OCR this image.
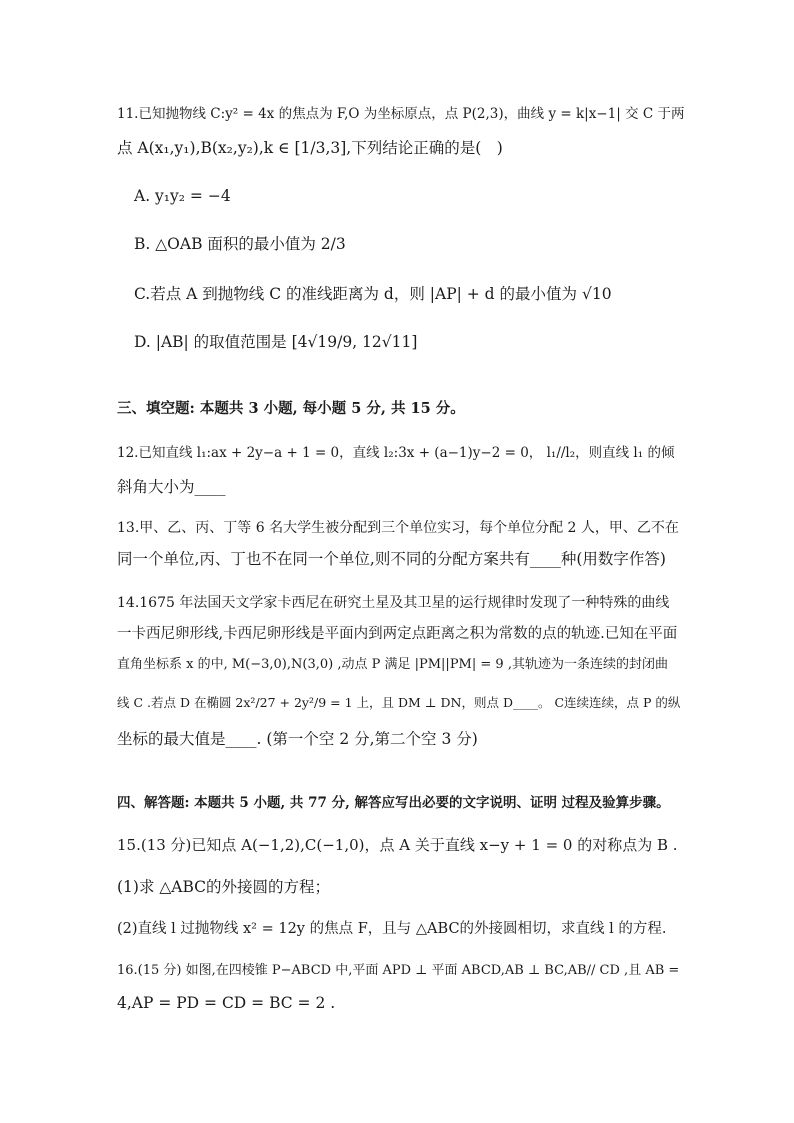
11.已知抛物线 C:y² = 4x 的焦点为 F,O 为坐标原点，点 P(2,3)，曲线 y = k|x−1| 交 C 于两
点 A(x₁,y₁),B(x₂,y₂),k ∈ [1/3,3],下列结论正确的是(　)
A. y₁y₂ = −4
B. △OAB 面积的最小值为 2/3
C.若点 A 到抛物线 C 的准线距离为 d，则 |AP| + d 的最小值为 √10
D. |AB| 的取值范围是 [4√19/9, 12√11]
三、填空题: 本题共 3 小题, 每小题 5 分, 共 15 分。
12.已知直线 l₁:ax + 2y−a + 1 = 0，直线 l₂:3x + (a−1)y−2 = 0， l₁//l₂，则直线 l₁ 的倾
斜角大小为____
13.甲、乙、丙、丁等 6 名大学生被分配到三个单位实习，每个单位分配 2 人，甲、乙不在
同一个单位,丙、丁也不在同一个单位,则不同的分配方案共有____种(用数字作答)
14.1675 年法国天文学家卡西尼在研究土星及其卫星的运行规律时发现了一种特殊的曲线
一卡西尼卵形线,卡西尼卵形线是平面内到两定点距离之积为常数的点的轨迹.已知在平面
直角坐标系 x 的中, M(−3,0),N(3,0) ,动点 P 满足 |PM||PM| = 9 ,其轨迹为一条连续的封闭曲
线 C .若点 D 在椭圆 2x²/27 + 2y²/9 = 1 上，且 DM ⊥ DN，则点 D____。 C连续连续，点 P 的纵
坐标的最大值是____. (第一个空 2 分,第二个空 3 分)
四、解答题: 本题共 5 小题, 共 77 分, 解答应写出必要的文字说明、证明 过程及验算步骤。
15.(13 分)已知点 A(−1,2),C(−1,0)，点 A 关于直线 x−y + 1 = 0 的对称点为 B .
(1)求 △ABC的外接圆的方程；
(2)直线 l 过抛物线 x² = 12y 的焦点 F，且与 △ABC的外接圆相切，求直线 l 的方程.
16.(15 分) 如图,在四棱锥 P−ABCD 中,平面 APD ⊥ 平面 ABCD,AB ⊥ BC,AB// CD ,且 AB =
4,AP = PD = CD = BC = 2 .
